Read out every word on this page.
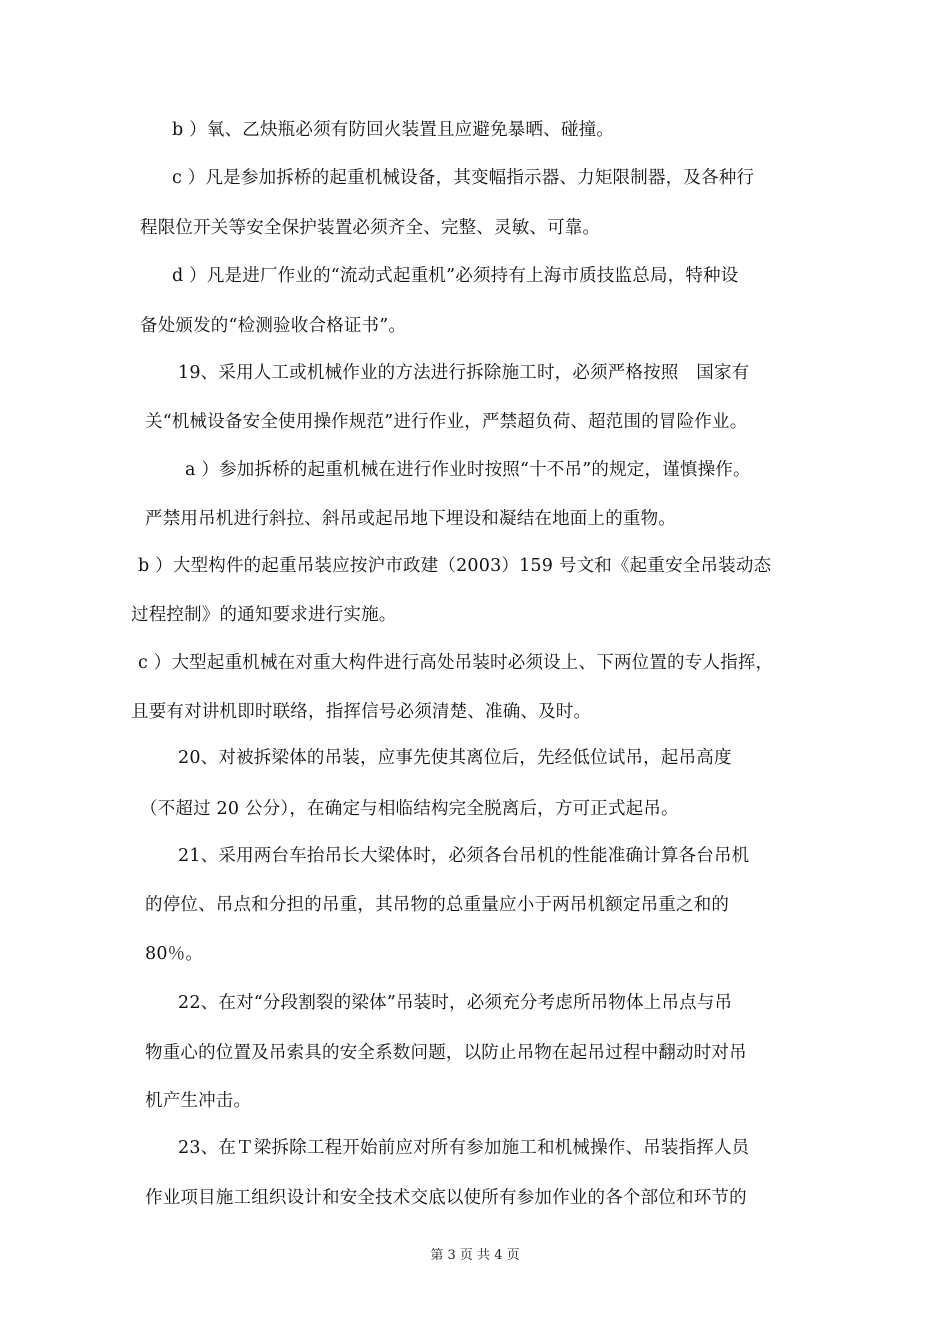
b ）氧、乙炔瓶必须有防回火装置且应避免暴晒、碰撞。
c ）凡是参加拆桥的起重机械设备，其变幅指示器、力矩限制器，及各种行
程限位开关等安全保护装置必须齐全、完整、灵敏、可靠。
d ）凡是进厂作业的“流动式起重机”必须持有上海市质技监总局，特种设
备处颁发的“检测验收合格证书”。
19、采用人工或机械作业的方法进行拆除施工时，必须严格按照　国家有
关“机械设备安全使用操作规范”进行作业，严禁超负荷、超范围的冒险作业。
a ）参加拆桥的起重机械在进行作业时按照“十不吊”的规定，谨慎操作。
严禁用吊机进行斜拉、斜吊或起吊地下埋设和凝结在地面上的重物。
b ）大型构件的起重吊装应按沪市政建（2003）159 号文和《起重安全吊装动态
过程控制》的通知要求进行实施。
c ）大型起重机械在对重大构件进行高处吊装时必须设上、下两位置的专人指挥，
且要有对讲机即时联络，指挥信号必须清楚、准确、及时。
20、对被拆梁体的吊装，应事先使其离位后，先经低位试吊，起吊高度
（不超过 20 公分），在确定与相临结构完全脱离后，方可正式起吊。
21、采用两台车抬吊长大梁体时，必须各台吊机的性能准确计算各台吊机
的停位、吊点和分担的吊重，其吊物的总重量应小于两吊机额定吊重之和的
80％。
22、在对“分段割裂的梁体”吊装时，必须充分考虑所吊物体上吊点与吊
物重心的位置及吊索具的安全系数问题，以防止吊物在起吊过程中翻动时对吊
机产生冲击。
23、在Ｔ梁拆除工程开始前应对所有参加施工和机械操作、吊装指挥人员
作业项目施工组织设计和安全技术交底以使所有参加作业的各个部位和环节的
第 3 页 共 4 页
